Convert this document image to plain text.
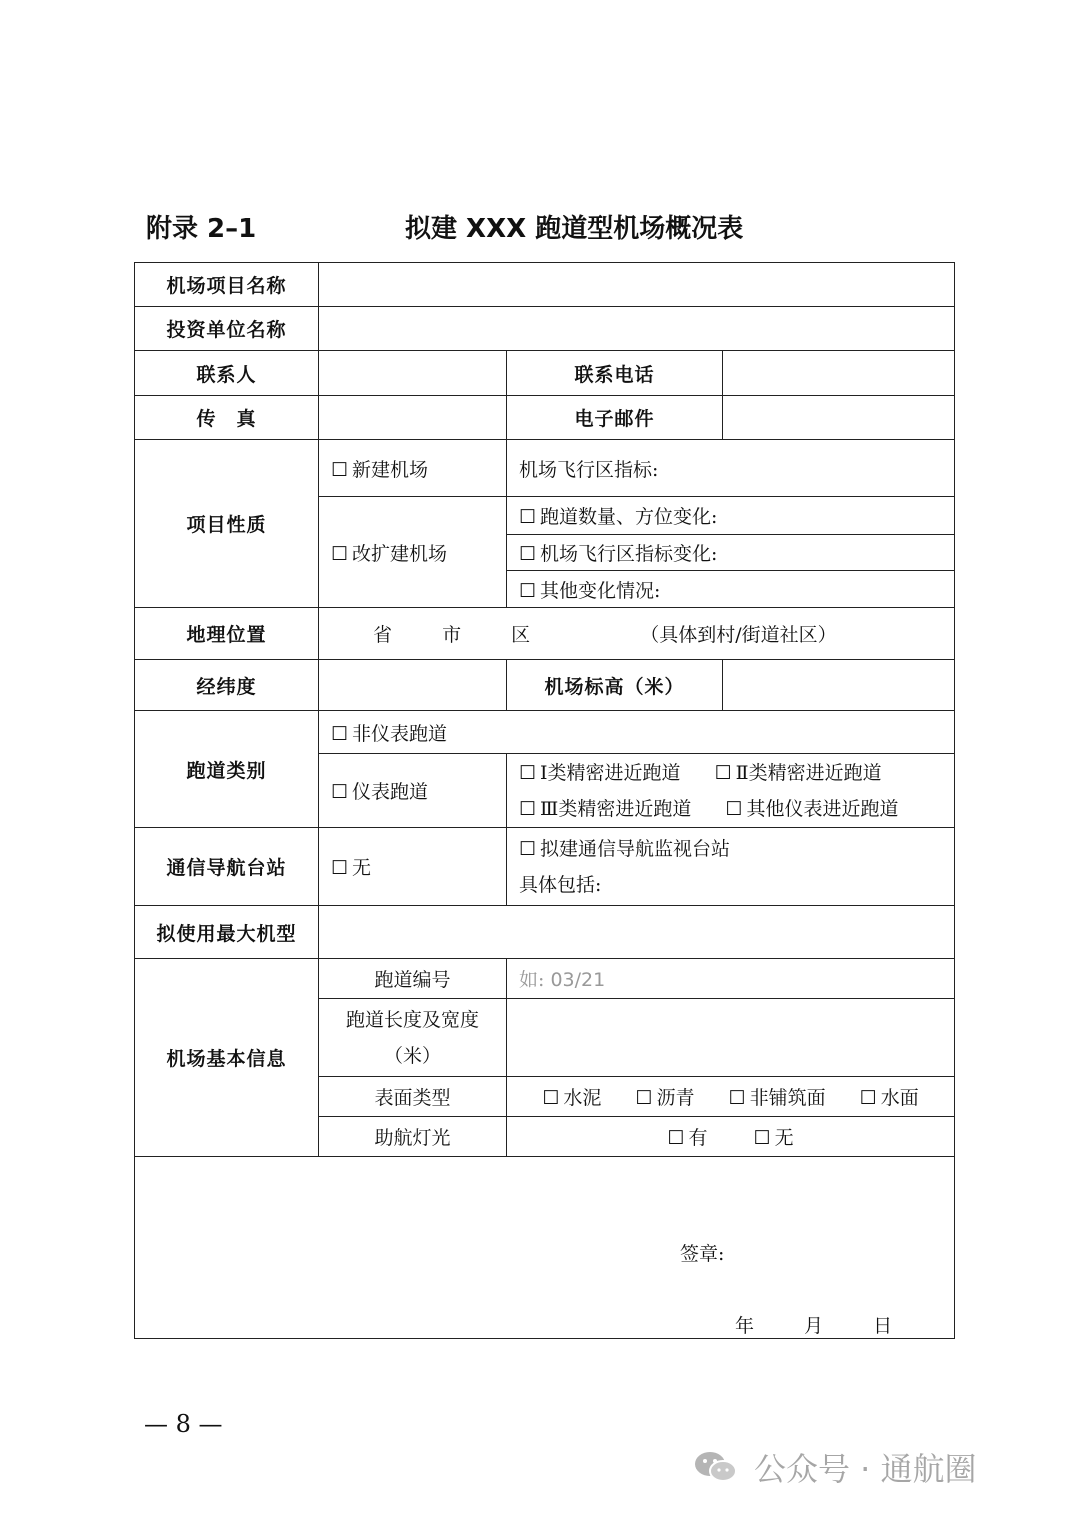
附录 2–1	拟建 XXX 跑道型机场概况表
机场项目名称			
投资单位名称			
联系人		联系电话	
传　真		电子邮件	
项目性质	☐ 新建机场	机场飞行区指标:	
	☐ 改扩建机场	☐ 跑道数量、方位变化:	
		☐ 机场飞行区指标变化:	
		☐ 其他变化情况:	
地理位置	省 市 区 （具体到村/街道社区）		
经纬度		机场标高（米）	
跑道类别	☐ 非仪表跑道		
	☐ 仪表跑道	☐ Ⅰ类精密进近跑道 ☐ Ⅱ类精密进近跑道
☐ Ⅲ类精密进近跑道 ☐ 其他仪表进近跑道	

通信导航台站	☐ 无	☐ 拟建通信导航监视台站
具体包括:	

拟使用最大机型			
机场基本信息	跑道编号	如: 03/21	

	跑道长度及宽度
（米）		

	表面类型	☐ 水泥 ☐ 沥青 ☐ 非铺筑面 ☐ 水面	
	助航灯光	☐ 有 ☐ 无	

签章:
年 月 日			
— 8 —
公众号 · 通航圈
